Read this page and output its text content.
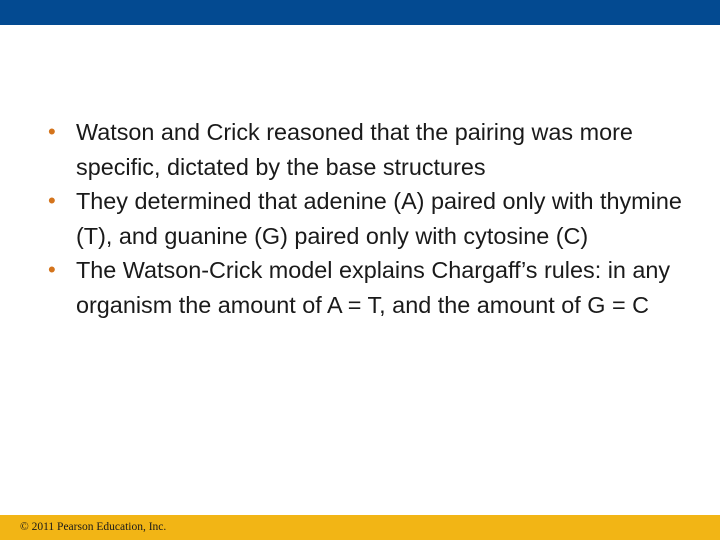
• Watson and Crick reasoned that the pairing was more specific, dictated by the base structures
• They determined that adenine (A) paired only with thymine (T), and guanine (G) paired only with cytosine (C)
• The Watson-Crick model explains Chargaff’s rules: in any organism the amount of A = T, and the amount of G = C
© 2011 Pearson Education, Inc.
